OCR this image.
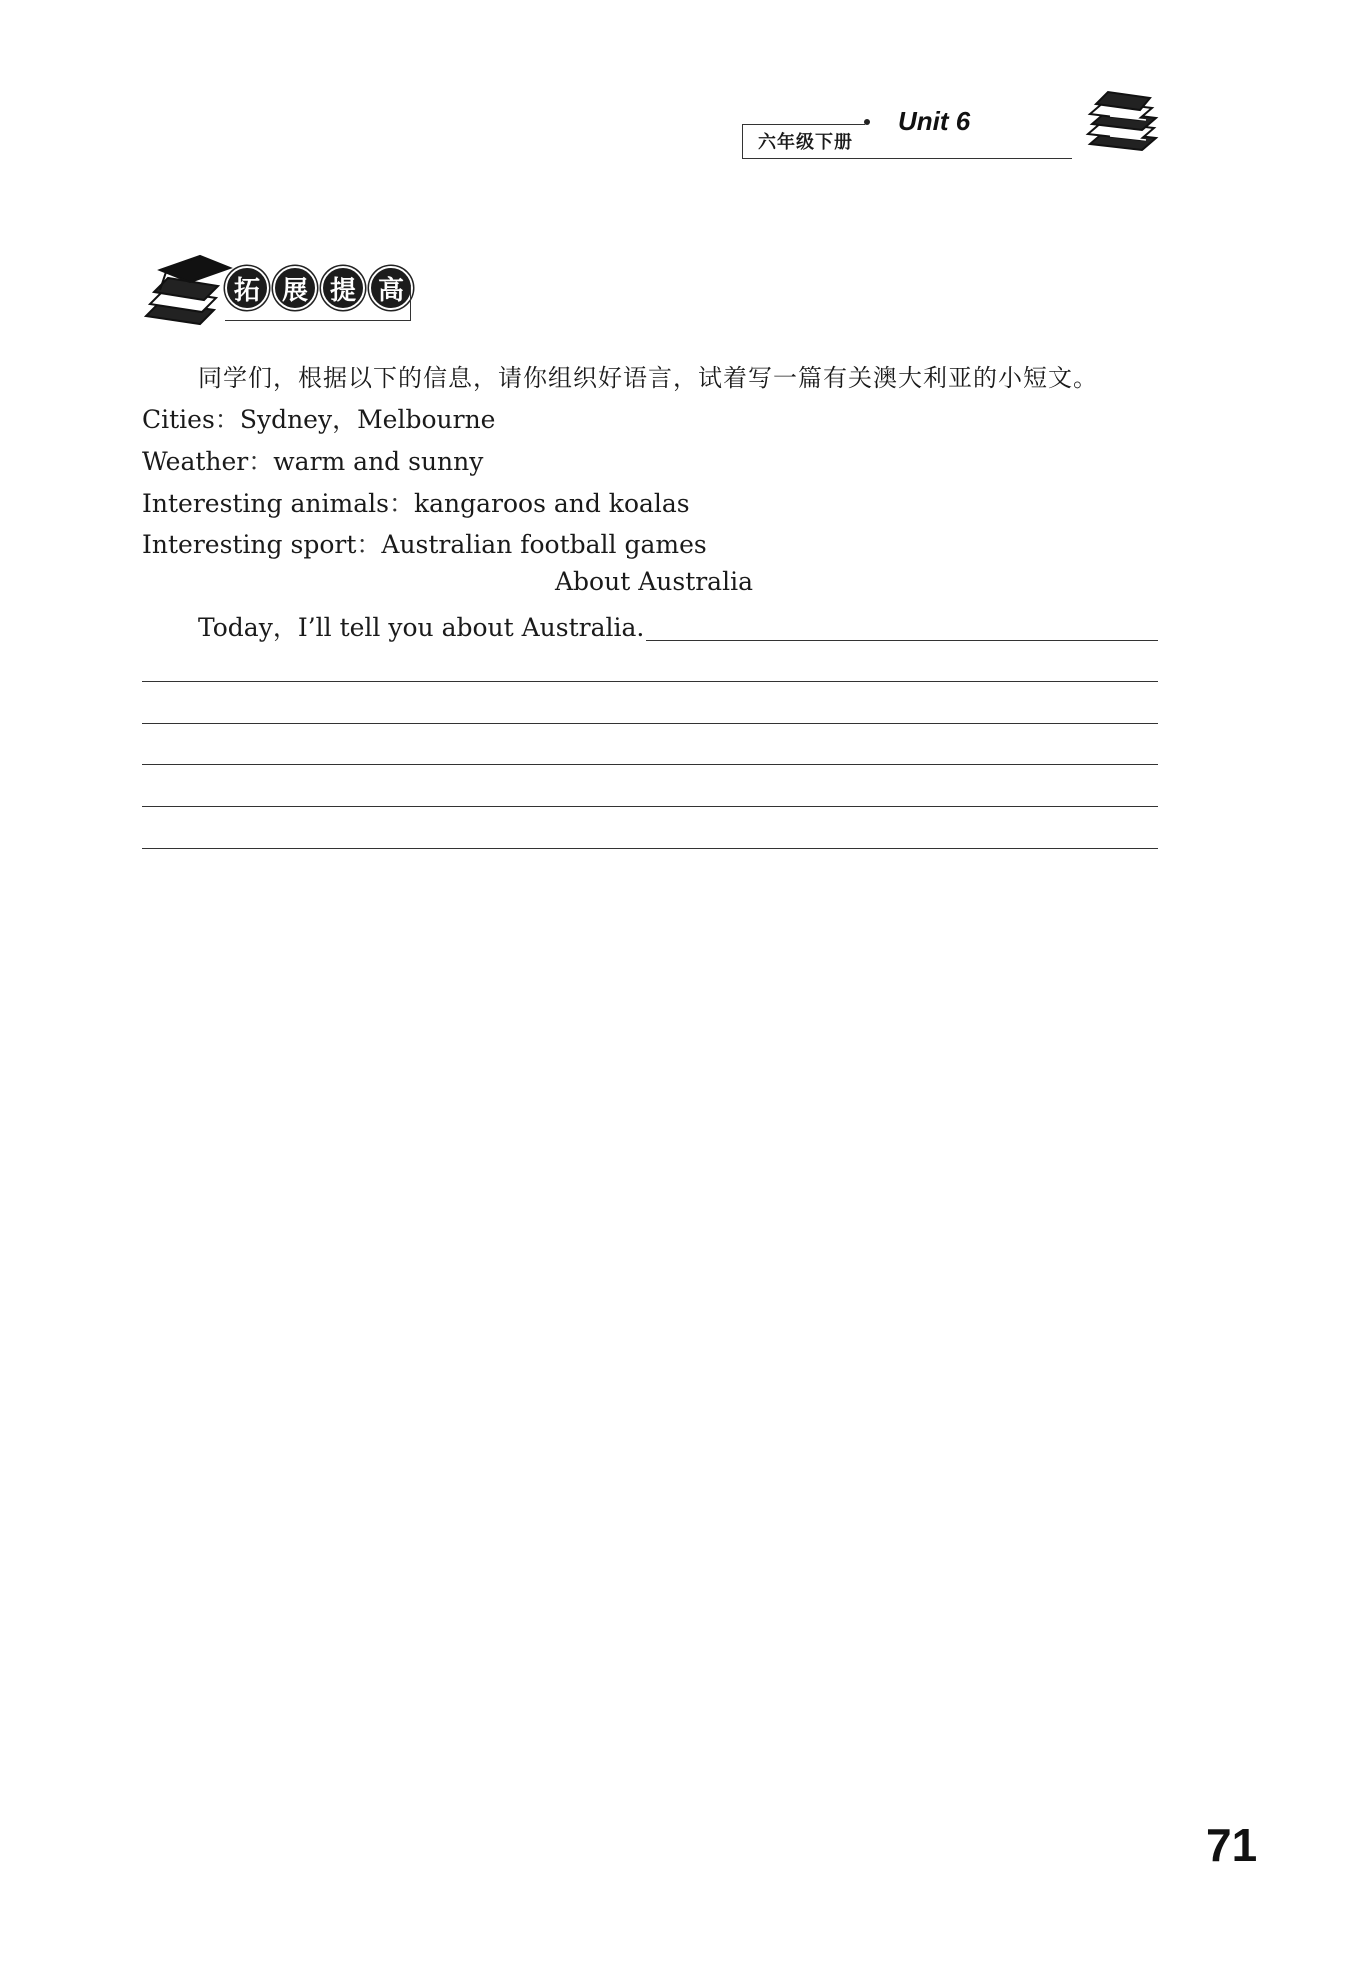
六年级下册
Unit 6
拓 展 提 高
同学们，根据以下的信息，请你组织好语言，试着写一篇有关澳大利亚的小短文。
Cities：Sydney，Melbourne
Weather：warm and sunny
Interesting animals：kangaroos and koalas
Interesting sport：Australian football games
About Australia
Today，I’ll tell you about Australia.
71
